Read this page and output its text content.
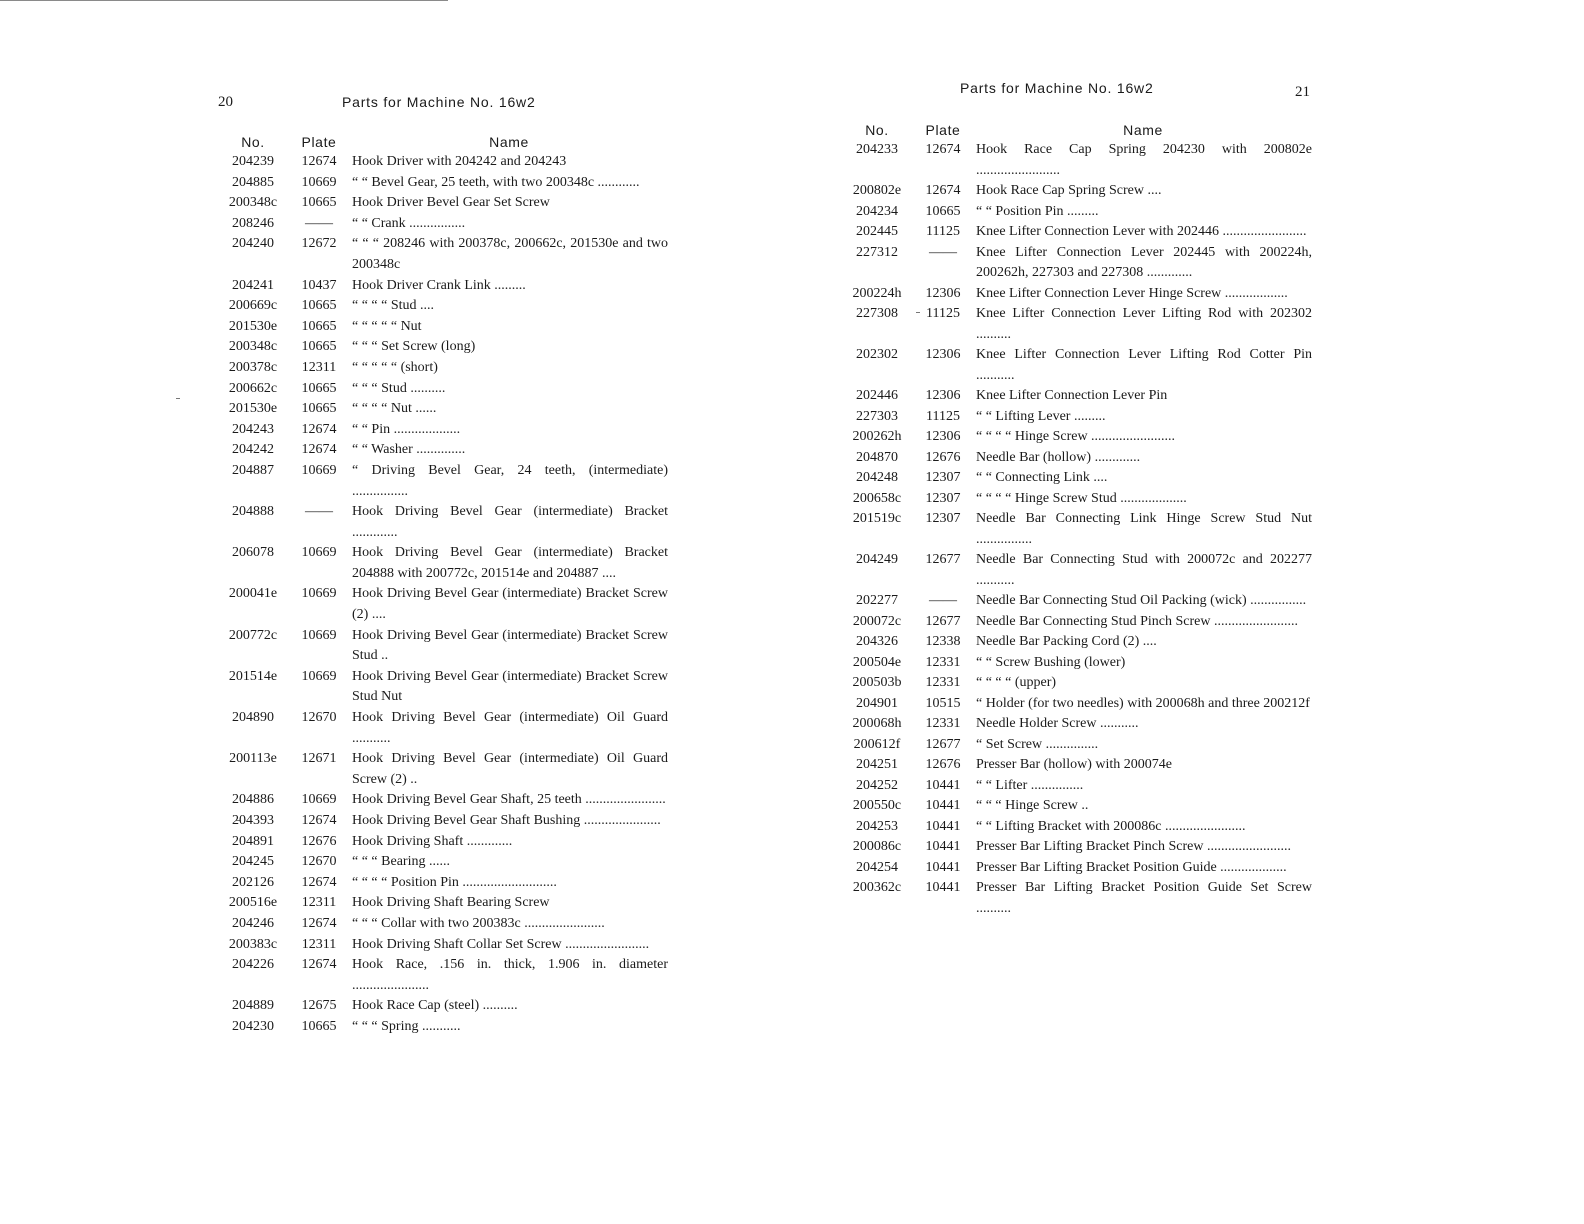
20	Parts for Machine No. 16w2
No.	Plate	Name
204239	12674	Hook Driver with 204242 and 204243
204885	10669	“ “ Bevel Gear, 25 teeth, with two 200348c ............
200348c	10665	Hook Driver Bevel Gear Set Screw
208246	——	“ “ Crank ................
204240	12672	“ “ “ 208246 with 200378c, 200662c, 201530e and two 200348c
204241	10437	Hook Driver Crank Link .........
200669c	10665	“ “ “ “ Stud ....
201530e	10665	“ “ “ “ “ Nut
200348c	10665	“ “ “ Set Screw (long)
200378c	12311	“ “ “ “ “ (short)
200662c	10665	“ “ “ Stud ..........
201530e	10665	“ “ “ “ Nut ......
204243	12674	“ “ Pin ...................
204242	12674	“ “ Washer ..............
204887	10669	“ Driving Bevel Gear, 24 teeth, (intermediate) ................
204888	——	Hook Driving Bevel Gear (intermediate) Bracket .............
206078	10669	Hook Driving Bevel Gear (intermediate) Bracket 204888 with 200772c, 201514e and 204887 ....
200041e	10669	Hook Driving Bevel Gear (intermediate) Bracket Screw (2) ....
200772c	10669	Hook Driving Bevel Gear (intermediate) Bracket Screw Stud ..
201514e	10669	Hook Driving Bevel Gear (intermediate) Bracket Screw Stud Nut
204890	12670	Hook Driving Bevel Gear (intermediate) Oil Guard ...........
200113e	12671	Hook Driving Bevel Gear (intermediate) Oil Guard Screw (2) ..
204886	10669	Hook Driving Bevel Gear Shaft, 25 teeth .......................
204393	12674	Hook Driving Bevel Gear Shaft Bushing ......................
204891	12676	Hook Driving Shaft .............
204245	12670	“ “ “ Bearing ......
202126	12674	“ “ “ “ Position Pin ...........................
200516e	12311	Hook Driving Shaft Bearing Screw
204246	12674	“ “ “ Collar with two 200383c .......................
200383c	12311	Hook Driving Shaft Collar Set Screw ........................
204226	12674	Hook Race, .156 in. thick, 1.906 in. diameter ......................
204889	12675	Hook Race Cap (steel) ..........
204230	10665	“ “ “ Spring ...........
Parts for Machine No. 16w2	21
No.	Plate	Name
204233	12674	Hook Race Cap Spring 204230 with 200802e ........................
200802e	12674	Hook Race Cap Spring Screw ....
204234	10665	“ “ Position Pin .........
202445	11125	Knee Lifter Connection Lever with 202446 ........................
227312	——	Knee Lifter Connection Lever 202445 with 200224h, 200262h, 227303 and 227308 .............
200224h	12306	Knee Lifter Connection Lever Hinge Screw ..................
227308	11125	Knee Lifter Connection Lever Lifting Rod with 202302 ..........
202302	12306	Knee Lifter Connection Lever Lifting Rod Cotter Pin ...........
202446	12306	Knee Lifter Connection Lever Pin
227303	11125	“ “ Lifting Lever .........
200262h	12306	“ “ “ “ Hinge Screw ........................
204870	12676	Needle Bar (hollow) .............
204248	12307	“ “ Connecting Link ....
200658c	12307	“ “ “ “ Hinge Screw Stud ...................
201519c	12307	Needle Bar Connecting Link Hinge Screw Stud Nut ................
204249	12677	Needle Bar Connecting Stud with 200072c and 202277 ...........
202277	——	Needle Bar Connecting Stud Oil Packing (wick) ................
200072c	12677	Needle Bar Connecting Stud Pinch Screw ........................
204326	12338	Needle Bar Packing Cord (2) ....
200504e	12331	“ “ Screw Bushing (lower)
200503b	12331	“ “ “ “ (upper)
204901	10515	“ Holder (for two needles) with 200068h and three 200212f
200068h	12331	Needle Holder Screw ...........
200612f	12677	“ Set Screw ...............
204251	12676	Presser Bar (hollow) with 200074e
204252	10441	“ “ Lifter ...............
200550c	10441	“ “ “ Hinge Screw ..
204253	10441	“ “ Lifting Bracket with 200086c .......................
200086c	10441	Presser Bar Lifting Bracket Pinch Screw ........................
204254	10441	Presser Bar Lifting Bracket Position Guide ...................
200362c	10441	Presser Bar Lifting Bracket Position Guide Set Screw ..........
